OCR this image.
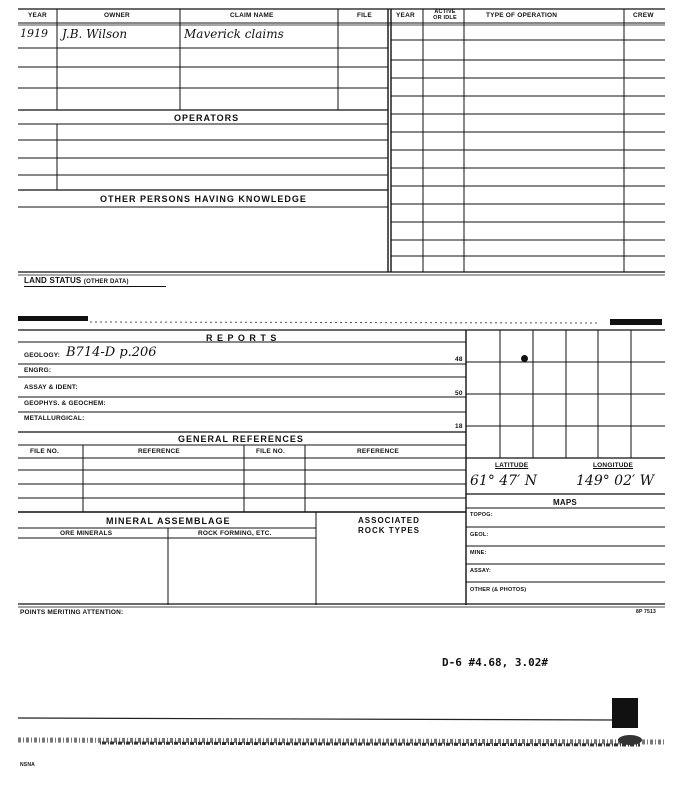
YEAR	OWNER	CLAIM NAME	FILE	YEAR	ACTIVE OR IDLE	TYPE OF OPERATION	CREW
1919 J.B. Wilson	Maverick claims
OPERATORS
OTHER PERSONS HAVING KNOWLEDGE
LAND STATUS (OTHER DATA)
R E P O R T S
GEOLOGY: B714-D p.206	48
ENGRG:
ASSAY & IDENT:
50
GEOPHYS. & GEOCHEM:
METALLURGICAL:
18
GENERAL REFERENCES
FILE NO.	REFERENCE	FILE NO.	REFERENCE
LATITUDE	LONGITUDE
61° 47′ N	149° 02′ W
MAPS
TOPOG:
GEOL:
MINE:
ASSAY:
OTHER (& PHOTOS)
MINERAL ASSEMBLAGE
ORE MINERALS	ROCK FORMING, ETC.
ASSOCIATED
ROCK TYPES
POINTS MERITING ATTENTION:	8P 7513
D-6 #4.68, 3.02#
NSNA
